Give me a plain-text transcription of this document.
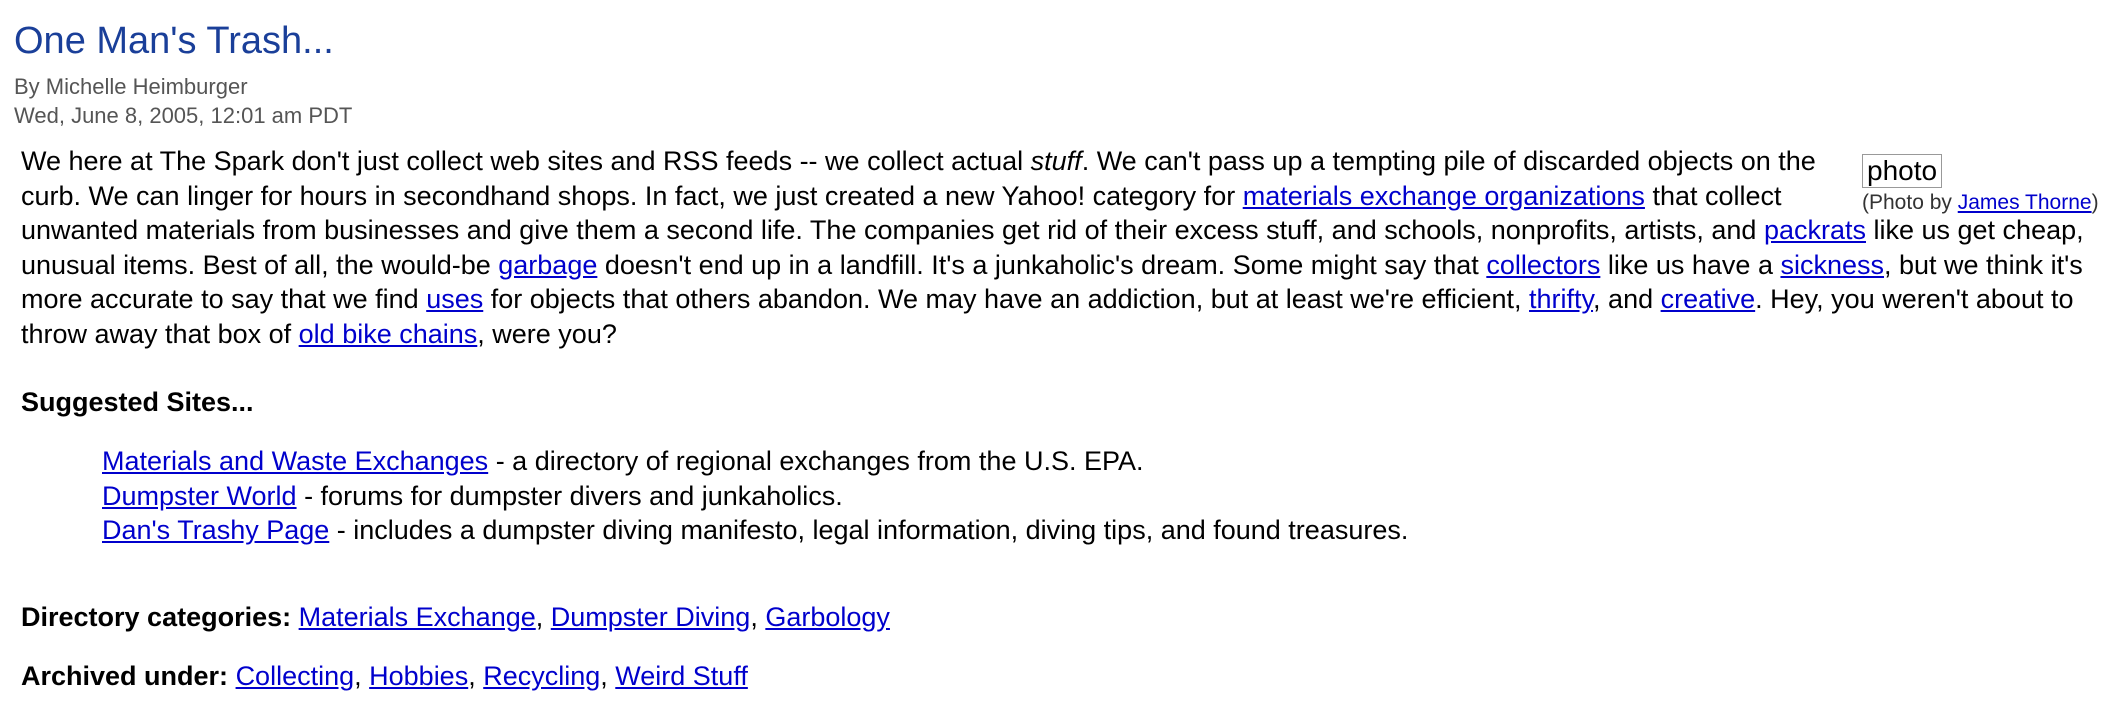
One Man's Trash...
By Michelle Heimburger
Wed, June 8, 2005, 12:01 am PDT
photo
(Photo by James Thorne)

We here at The Spark don't just collect web sites and RSS feeds -- we collect actual stuff. We can't pass up a tempting pile of discarded objects on the curb. We can linger for hours in secondhand shops. In fact, we just created a new Yahoo! category for materials exchange organizations that collect unwanted materials from businesses and give them a second life. The companies get rid of their excess stuff, and schools, nonprofits, artists, and packrats like us get cheap, unusual items. Best of all, the would-be garbage doesn't end up in a landfill. It's a junkaholic's dream. Some might say that collectors like us have a sickness, but we think it's more accurate to say that we find uses for objects that others abandon. We may have an addiction, but at least we're efficient, thrifty, and creative. Hey, you weren't about to throw away that box of old bike chains, were you?

Suggested Sites...
Materials and Waste Exchanges - a directory of regional exchanges from the U.S. EPA.
Dumpster World - forums for dumpster divers and junkaholics.
Dan's Trashy Page - includes a dumpster diving manifesto, legal information, diving tips, and found treasures.

Directory categories: Materials Exchange, Dumpster Diving, Garbology

Archived under: Collecting, Hobbies, Recycling, Weird Stuff
